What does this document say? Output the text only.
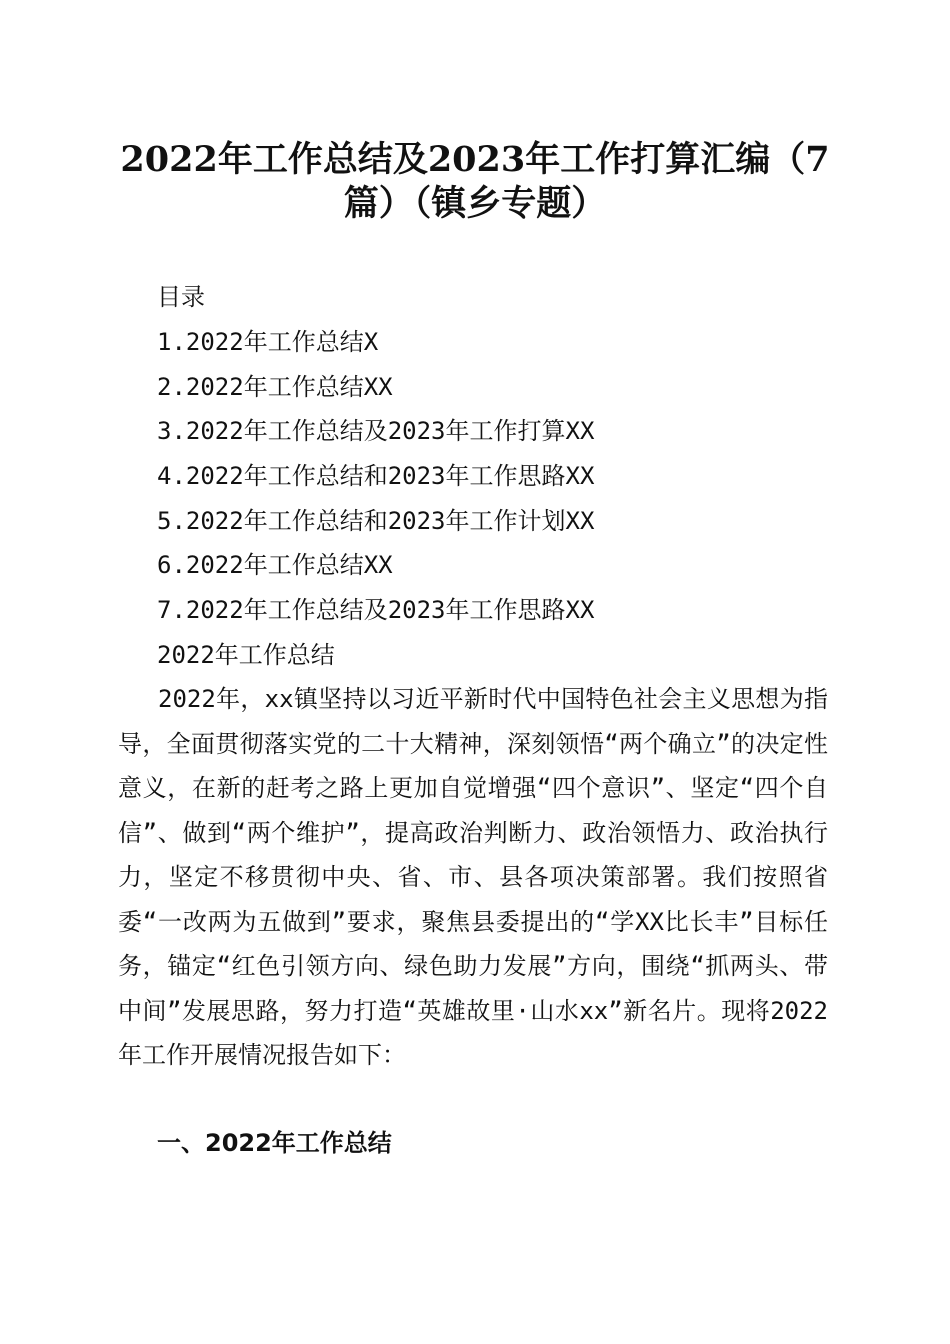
2022年工作总结及2023年工作打算汇编（7
篇）（镇乡专题）

目录

1.2022年工作总结X

2.2022年工作总结XX

3.2022年工作总结及2023年工作打算XX

4.2022年工作总结和2023年工作思路XX

5.2022年工作总结和2023年工作计划XX

6.2022年工作总结XX

7.2022年工作总结及2023年工作思路XX

2022年工作总结

2022年，xx镇坚持以习近平新时代中国特色社会主义思想为指导，全面贯彻落实党的二十大精神，深刻领悟“两个确立”的决定性意义，在新的赶考之路上更加自觉增强“四个意识”、坚定“四个自信”、做到“两个维护”，提高政治判断力、政治领悟力、政治执行力，坚定不移贯彻中央、省、市、县各项决策部署。我们按照省委“一改两为五做到”要求，聚焦县委提出的“学XX比长丰”目标任务，锚定“红色引领方向、绿色助力发展”方向，围绕“抓两头、带中间”发展思路，努力打造“英雄故里·山水xx”新名片。现将2022年工作开展情况报告如下：

一、2022年工作总结
